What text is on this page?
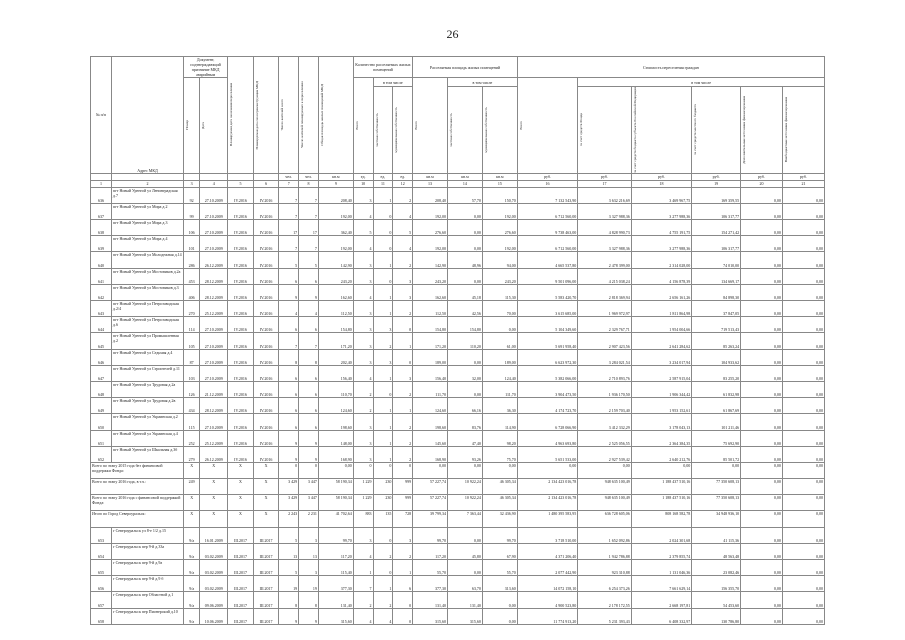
26
№ п/п	Адрес МКД	Документ, подтверждающий признание МКД аварийным		Планируемая дата окончания переселения	Планируемая дата сноса/реконструкции МКД	Число жителей всего	Число жителей планируемых к переселению	Общая площадь жилых помещений МКД	Количество расселяемых жилых помещений			Расселяемая площадь жилых помещений			Стоимость переселения граждан					

		Номер	Дата						Всего	в том числе		Всего	в том числе		Всего	в том числе				

										частная собственность	муниципальная собственность		частная собственность	муниципальная собственность		за счет средств Фонда	за счет средств бюджета субъекта Российской Федерации	за счет средств местного бюджета	Дополнительные источники финансирования	Внебюджетные источники финансирования

						чел.	чел.	кв.м	ед.	ед.	ед.	кв.м	кв.м	кв.м	руб.	руб.	руб.	руб.	руб.	руб.
1	2	3	4	5	6	7	8	9	10	11	12	13	14	15	16	17	18	19	20	21
636	пгт Новый Уренгой ул Ленинградская д.7	92	27.10.2009	IV.2016	IV.2016	7	7	208,40	3	1	2	208,40	57,70	150,70	7 132 543,90	3 632 216,69	3 469 967,75	169 359,55	0,00	0,00
637	пгт Новый Уренгой ул Мира д.2	99	27.10.2009	IV.2016	IV.2016	7	7	192,00	4	0	4	192,00	0,00	192,00	6 712 560,00	3 327 988,36	3 277 988,36	106 317,77	0,00	0,00
638	пгт Новый Уренгой ул Мира д.3	106	27.10.2009	IV.2016	IV.2016	17	17	362,40	5	0	5	276,60	0,00	276,60	9 738 463,00	4 828 990,73	4 755 191,75	154 271,42	0,00	0,00
639	пгт Новый Уренгой ул Мира д.4	101	27.10.2009	IV.2016	IV.2016	7	7	192,00	4	0	4	192,00	0,00	192,00	6 712 560,00	3 327 988,36	3 277 988,36	106 317,77	0,00	0,00
640	пгт Новый Уренгой ул Молодежная д.14	286	26.12.2009	IV.2016	IV.2016	5	5	142,90	3	1	2	142,90	48,96	94,00	4 665 537,80	2 478 399,00	2 314 028,00	74 010,00	0,00	0,00
641	пгт Новый Уренгой ул Мостовиков д.2а	453	28.12.2009	IV.2016	IV.2016	6	6	243,20	3	0	3	243,20	0,00	243,20	9 501 096,00	4 215 038,24	4 156 878,39	134 669,17	0,00	0,00
642	пгт Новый Уренгой ул Мостовиков д.3	406	28.12.2009	IV.2016	IV.2016	9	9	162,60	4	1	3	162,60	45,18	115,30	5 583 420,70	2 818 369,94	2 656 161,26	84 898,30	0,00	0,00
643	пгт Новый Уренгой ул Петрозаводская д.2/4	270	25.12.2009	IV.2016	IV.2016	4	4	112,50	3	1	2	112,50	42,56	70,00	3 615 685,00	1 969 972,97	1 811 864,98	37 847,05	0,00	0,00
644	пгт Новый Уренгой ул Петрозаводская д.6	114	27.10.2009	IV.2016	IV.2016	6	6	154,80	3	3	0	154,80	154,80	0,00	5 104 349,60	2 329 767,71	1 954 004,66	719 513,43	0,00	0,00
645	пгт Новый Уренгой ул Промышленная д.2	105	27.10.2009	IV.2016	IV.2016	7	7	171,20	3	2	1	171,20	110,20	61,00	5 691 958,40	2 907 423,56	2 641 284,62	85 263,24	0,00	0,00
646	пгт Новый Уренгой ул Седьмая д.4	87	27.10.2009	IV.2016	IV.2016	8	8	202,40	3	3	0	189,00	0,00	189,00	6 623 972,30	3 284 021,54	3 234 017,94	104 933,62	0,00	0,00
647	пгт Новый Уренгой ул Строителей д.11	103	27.10.2009	IV.2016	IV.2016	6	6	156,40	4	1	3	156,40	32,00	124,40	5 382 066,00	2 710 893,76	2 587 915,04	83 255,20	0,00	0,00
648	пгт Новый Уренгой ул Трудовая д.2а	126	21.12.2009	IV.2016	IV.2016	6	6	110,70	2	0	2	111,70	0,00	111,70	3 904 473,50	1 936 170,50	1 906 344,42	61 832,98	0,00	0,00
649	пгт Новый Уренгой ул Трудовая д.2в	434	28.12.2009	IV.2016	IV.2016	6	6	124,60	2	1	1	124,60	66,16	36,30	4 174 723,70	2 159 703,40	1 953 152,61	61 867,69	0,00	0,00
650	пгт Новый Уренгой ул Украинская д.2	115	27.10.2009	IV.2016	IV.2016	6	6	198,60	3	1	2	198,60	83,76	114,90	6 728 066,90	3 412 332,29	3 178 043,13	101 211,46	0,00	0,00
651	пгт Новый Уренгой ул Украинская д.4	252	25.12.2009	IV.2016	IV.2016	9	9	148,00	3	1	2	145,60	47,40	98,20	4 963 693,80	2 525 056,55	2 364 384,35	75 692,90	0,00	0,00
652	пгт Новый Уренгой ул Школьная д.3б	279	26.12.2009	IV.2016	IV.2016	9	9	168,90	3	1	2	168,90	93,26	75,70	5 651 533,00	2 927 539,42	2 640 212,76	85 501,72	0,00	0,00
Всего по этапу 2015 года без финансовой поддержки Фонда:		X	X	X	X	0	0	0,00	0	0	0	0,00	0,00	0,00	0,00	0,00	0,00	0,00	0,00	0,00
Всего по этапу 2016 года, в т.ч.:		249	X	X	X	3 429	3 447	58 190,34	1 229	230	999	57 227,74	10 922,24	46 305,34	2 134 423 016,78	948 635 100,49	1 188 437 510,16	77 350 608,13	0,00	0,00
Всего по этапу 2016 года с финансовой поддержкой Фонда:		X	X	X	X	3 429	3 447	58 190,34	1 229	230	999	57 227,74	10 922,24	46 305,34	2 134 423 016,78	948 635 100,49	1 188 437 510,16	77 350 608,13	0,00	0,00
Итого по Город Североуральск:		X	X	X	X	2 243	2 231	41 702,64	883	135	728	39 799,34	7 363,44	32 436,90	1 480 395 583,95	636 728 605,06	808 168 582,78	34 948 936,10	0,00	0,00
653	г Североуральск ул 8-е 1/2 д.15	9/а	16.01.2009	III.2017	III.2017	5	3	99,70	3	0	3	99,70	0,00	99,70	3 718 510,00	1 652 092,86	2 024 301,68	41 115,36	0,00	0,00
654	г Североуральск пер 9-й д.33а	9/а	03.02.2009	III.2017	III.2017	13	13	117,20	4	2	2	117,20	45,80	67,90	4 371 206,40	1 942 786,88	2 379 855,74	48 563,48	0,00	0,00
655	г Североуральск пер 9-й д.9а	9/а	03.02.2009	III.2017	III.2017	5	3	115,40	1	0	1	55,70	0,00	55,70	2 077 442,90	923 310,88	1 131 046,36	23 082,46	0,00	0,00
656	г Североуральск пер 9-й д.9 б	9/а	03.02.2009	III.2017	III.2017	19	19	377,30	7	1	6	377,30	63,70	313,60	14 072 158,10	6 254 373,26	7 661 629,14	156 355,70	0,00	0,00
657	г Североуральск пер Областной д.1	9/а	09.06.2009	III.2017	III.2017	8	8	131,40	2	2	0	131,40	131,40	0,00	4 900 523,80	2 178 172,55	2 668 197,81	54 453,60	0,00	0,00
658	г Североуральск пер Пионерский д.10	9/а	10.06.2009	III.2017	III.2017	9	9	315,60	4	4	0	315,60	315,60	0,00	11 774 913,20	5 231 393,43	6 408 332,97	130 786,80	0,00	0,00
